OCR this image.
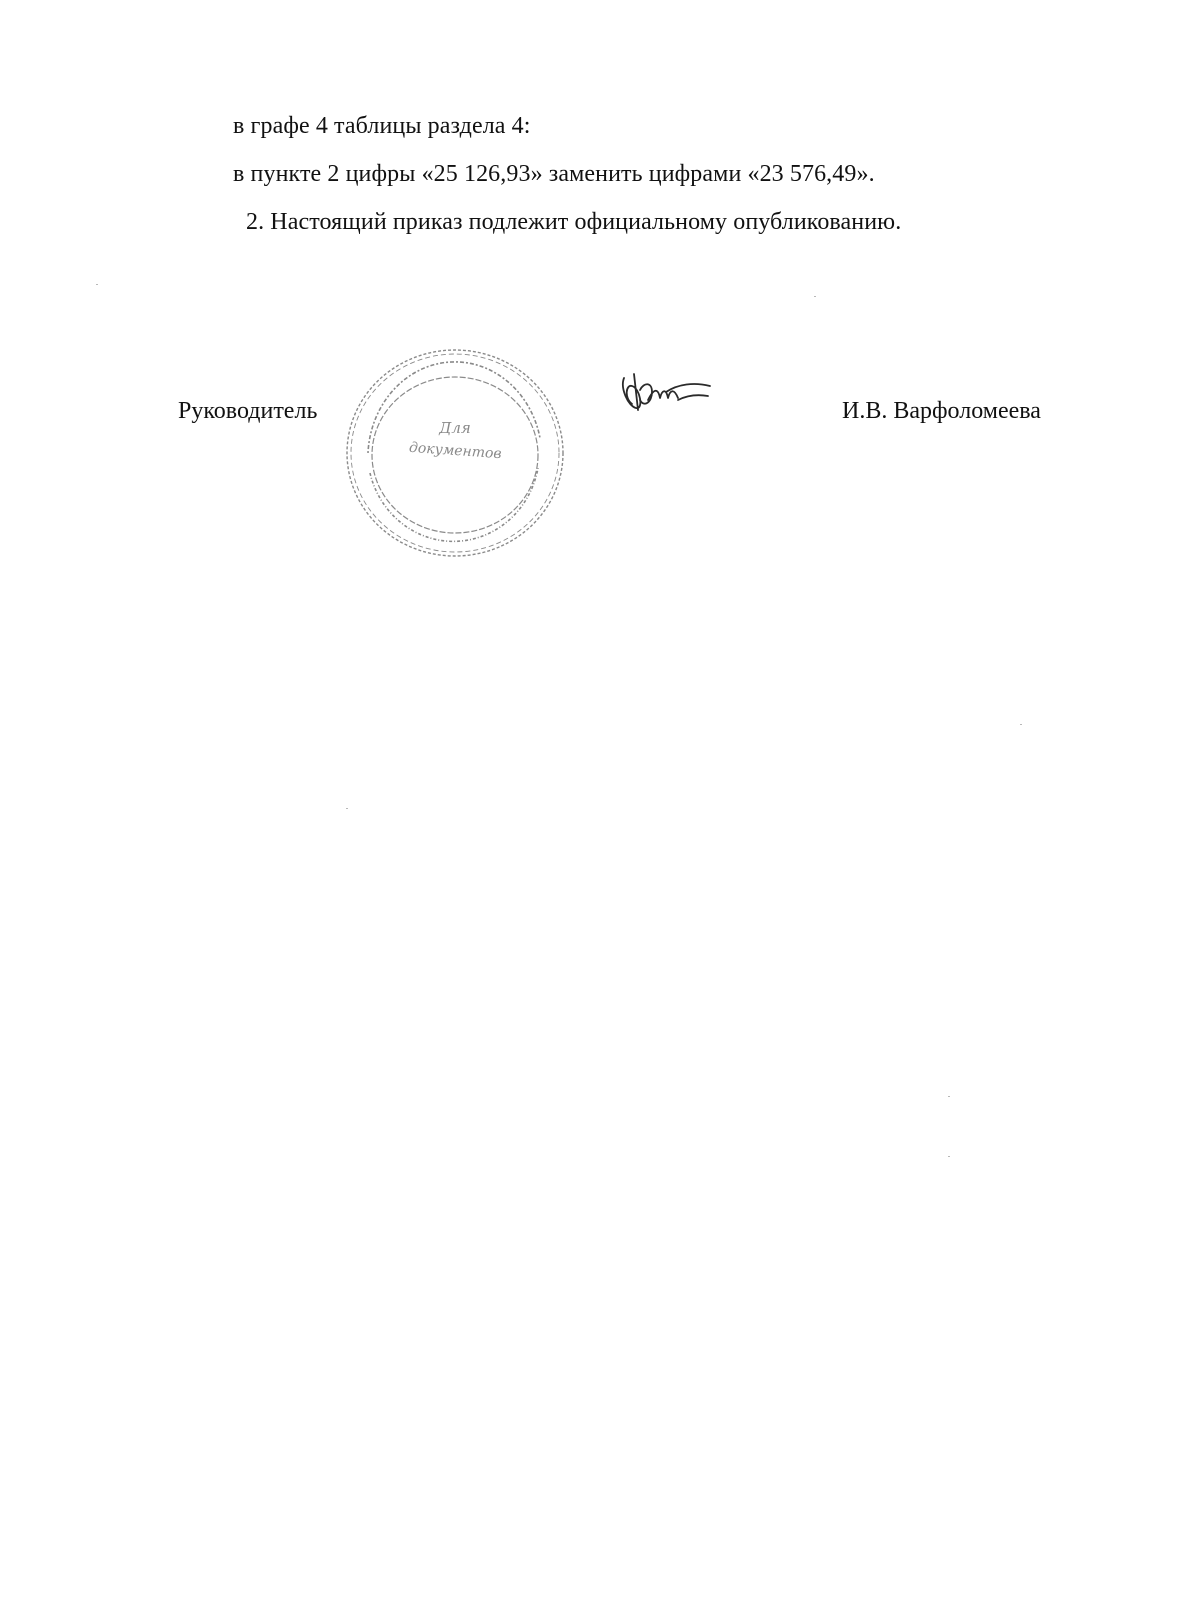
в графе 4 таблицы раздела 4:
в пункте 2 цифры «25 126,93» заменить цифрами «23 576,49».
2. Настоящий приказ подлежит официальному опубликованию.
Руководитель
Для
документов
И.В. Варфоломеева
